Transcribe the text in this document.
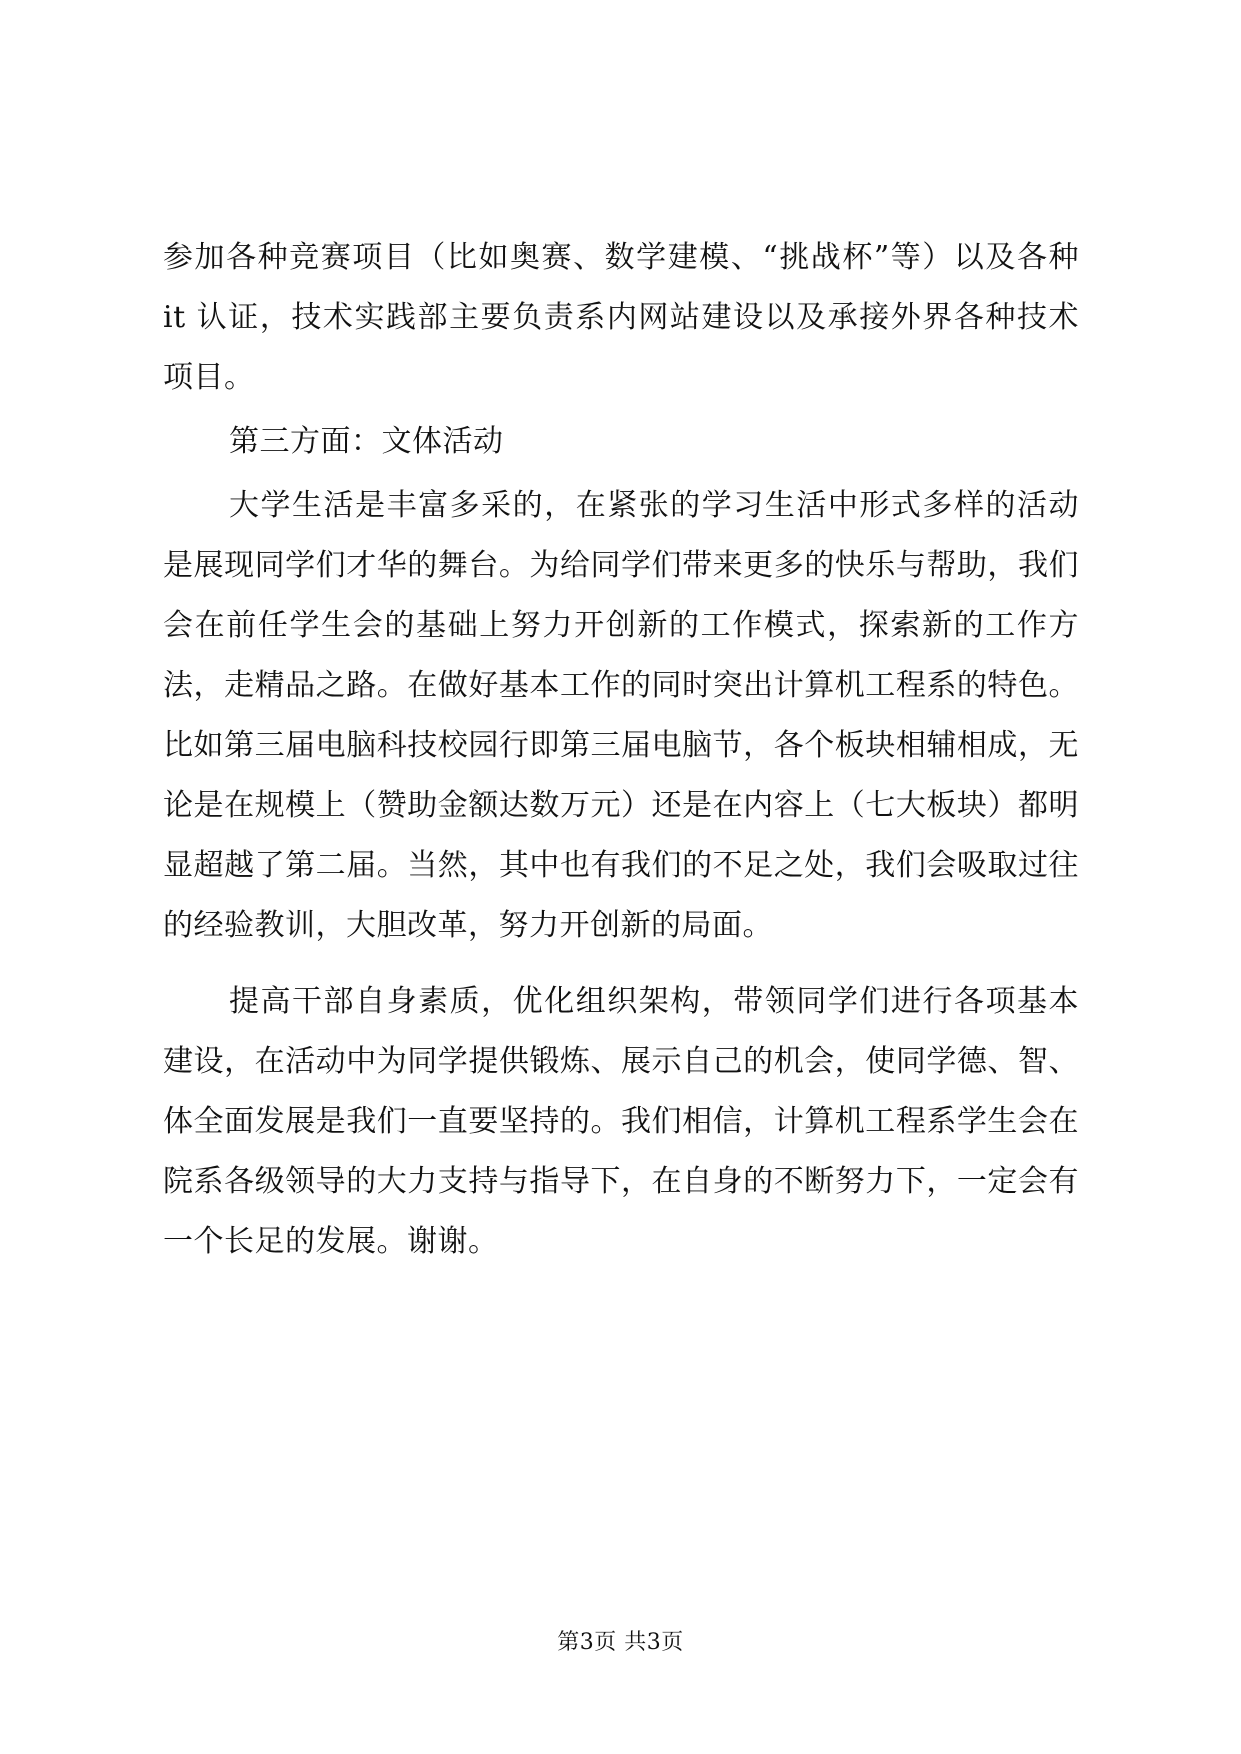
参加各种竞赛项目（比如奥赛、数学建模、“挑战杯”等）以及各种 it 认证，技术实践部主要负责系内网站建设以及承接外界各种技术项目。

第三方面：文体活动

大学生活是丰富多采的，在紧张的学习生活中形式多样的活动是展现同学们才华的舞台。为给同学们带来更多的快乐与帮助，我们会在前任学生会的基础上努力开创新的工作模式，探索新的工作方法，走精品之路。在做好基本工作的同时突出计算机工程系的特色。比如第三届电脑科技校园行即第三届电脑节，各个板块相辅相成，无论是在规模上（赞助金额达数万元）还是在内容上（七大板块）都明显超越了第二届。当然，其中也有我们的不足之处，我们会吸取过往的经验教训，大胆改革，努力开创新的局面。

提高干部自身素质，优化组织架构，带领同学们进行各项基本建设，在活动中为同学提供锻炼、展示自己的机会，使同学德、智、体全面发展是我们一直要坚持的。我们相信，计算机工程系学生会在院系各级领导的大力支持与指导下，在自身的不断努力下，一定会有一个长足的发展。谢谢。

第3页 共3页
